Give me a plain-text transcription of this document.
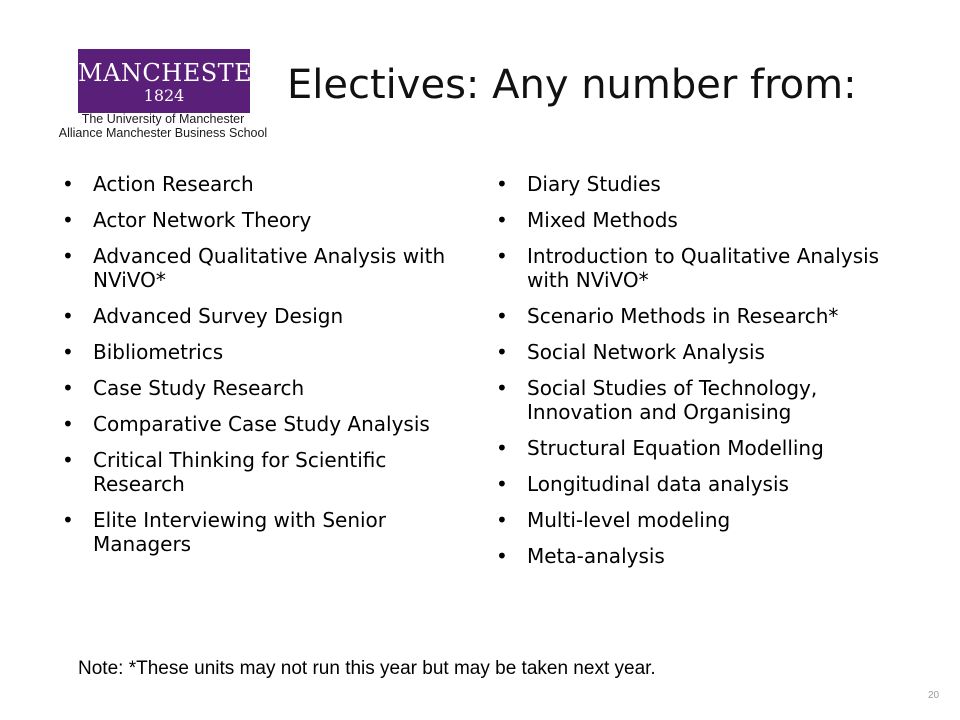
MANCHESTER
1824
The University of Manchester
Alliance Manchester Business School
Electives: Any number from:
• Action Research
• Actor Network Theory
• Advanced Qualitative Analysis with NViVO*
• Advanced Survey Design
• Bibliometrics
• Case Study Research
• Comparative Case Study Analysis
• Critical Thinking for Scientific Research
• Elite Interviewing with Senior Managers
• Diary Studies
• Mixed Methods
• Introduction to Qualitative Analysis with NViVO*
• Scenario Methods in Research*
• Social Network Analysis
• Social Studies of Technology, Innovation and Organising
• Structural Equation Modelling
• Longitudinal data analysis
• Multi-level modeling
• Meta-analysis
Note: *These units may not run this year but may be taken next year.
20
